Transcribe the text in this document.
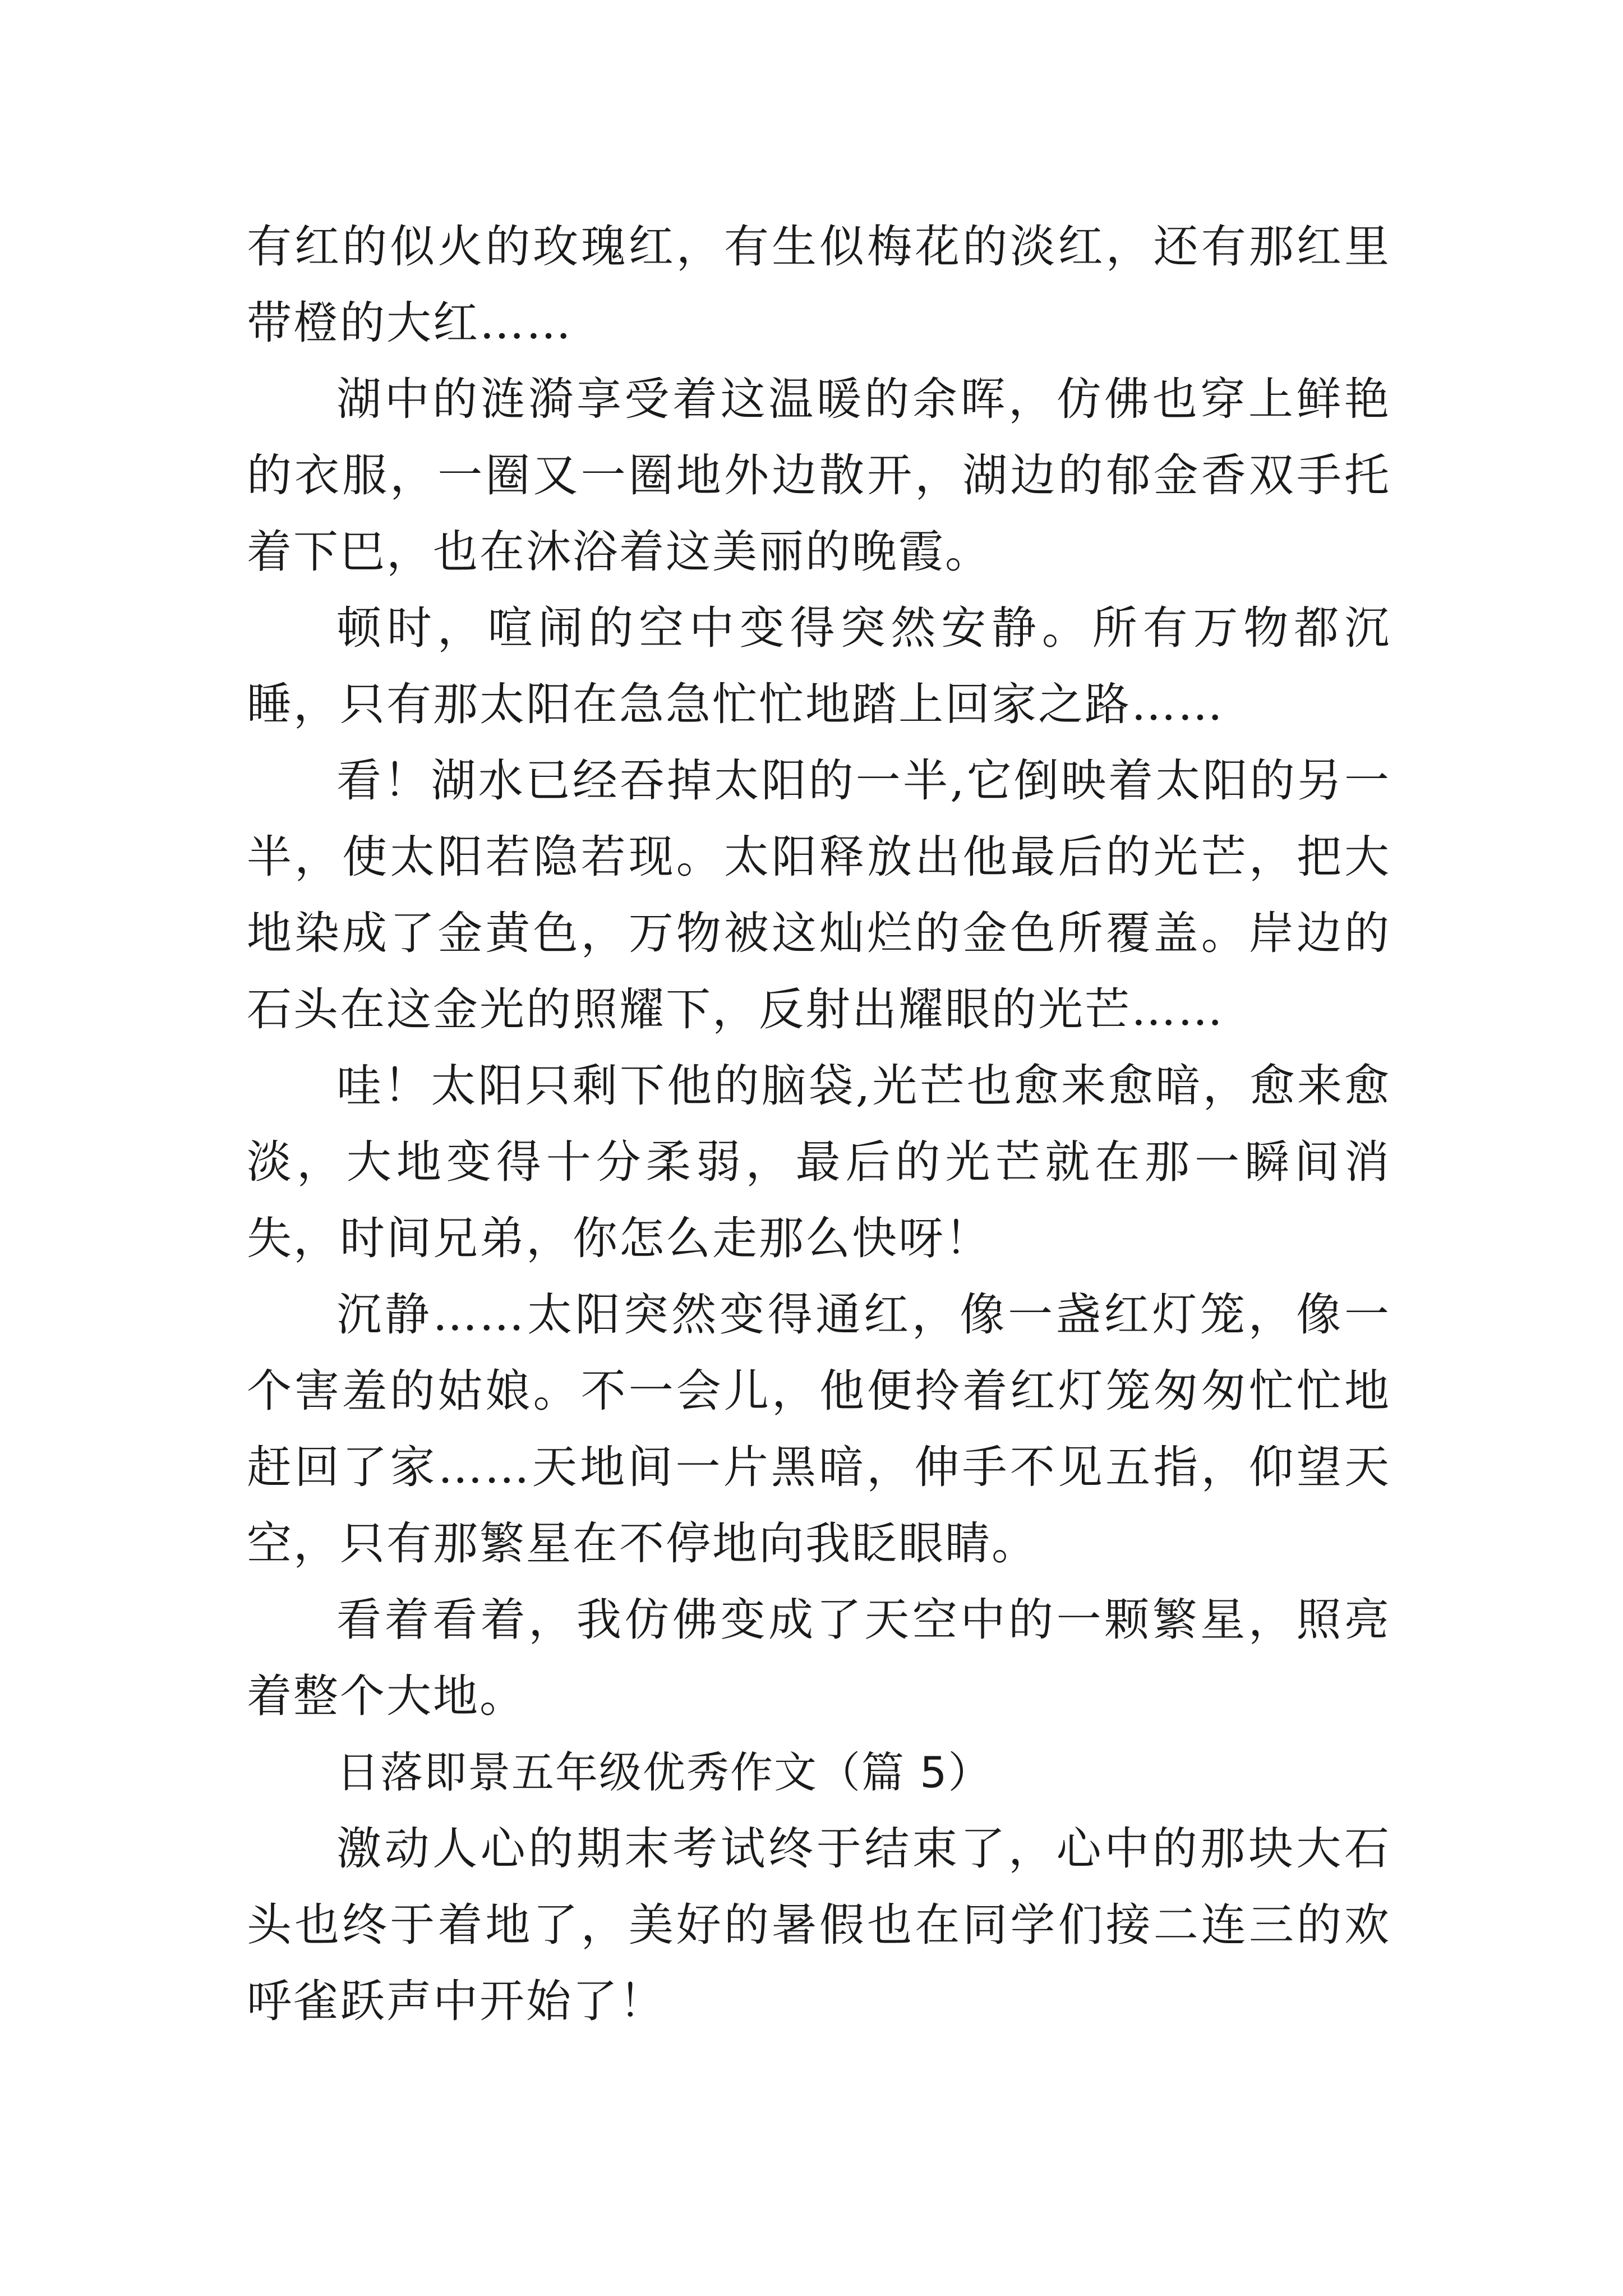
有红的似火的玫瑰红，有生似梅花的淡红，还有那红里带橙的大红……

湖中的涟漪享受着这温暖的余晖，仿佛也穿上鲜艳的衣服，一圈又一圈地外边散开，湖边的郁金香双手托着下巴，也在沐浴着这美丽的晚霞。

顿时，喧闹的空中变得突然安静。所有万物都沉睡，只有那太阳在急急忙忙地踏上回家之路……

看！湖水已经吞掉太阳的一半,它倒映着太阳的另一半，使太阳若隐若现。太阳释放出他最后的光芒，把大地染成了金黄色，万物被这灿烂的金色所覆盖。岸边的石头在这金光的照耀下，反射出耀眼的光芒……

哇！太阳只剩下他的脑袋,光芒也愈来愈暗，愈来愈淡，大地变得十分柔弱，最后的光芒就在那一瞬间消失，时间兄弟，你怎么走那么快呀！

沉静……太阳突然变得通红，像一盏红灯笼，像一个害羞的姑娘。不一会儿，他便拎着红灯笼匆匆忙忙地赶回了家……天地间一片黑暗，伸手不见五指，仰望天空，只有那繁星在不停地向我眨眼睛。

看着看着，我仿佛变成了天空中的一颗繁星，照亮着整个大地。

日落即景五年级优秀作文（篇 5）

激动人心的期末考试终于结束了，心中的那块大石头也终于着地了，美好的暑假也在同学们接二连三的欢呼雀跃声中开始了！
